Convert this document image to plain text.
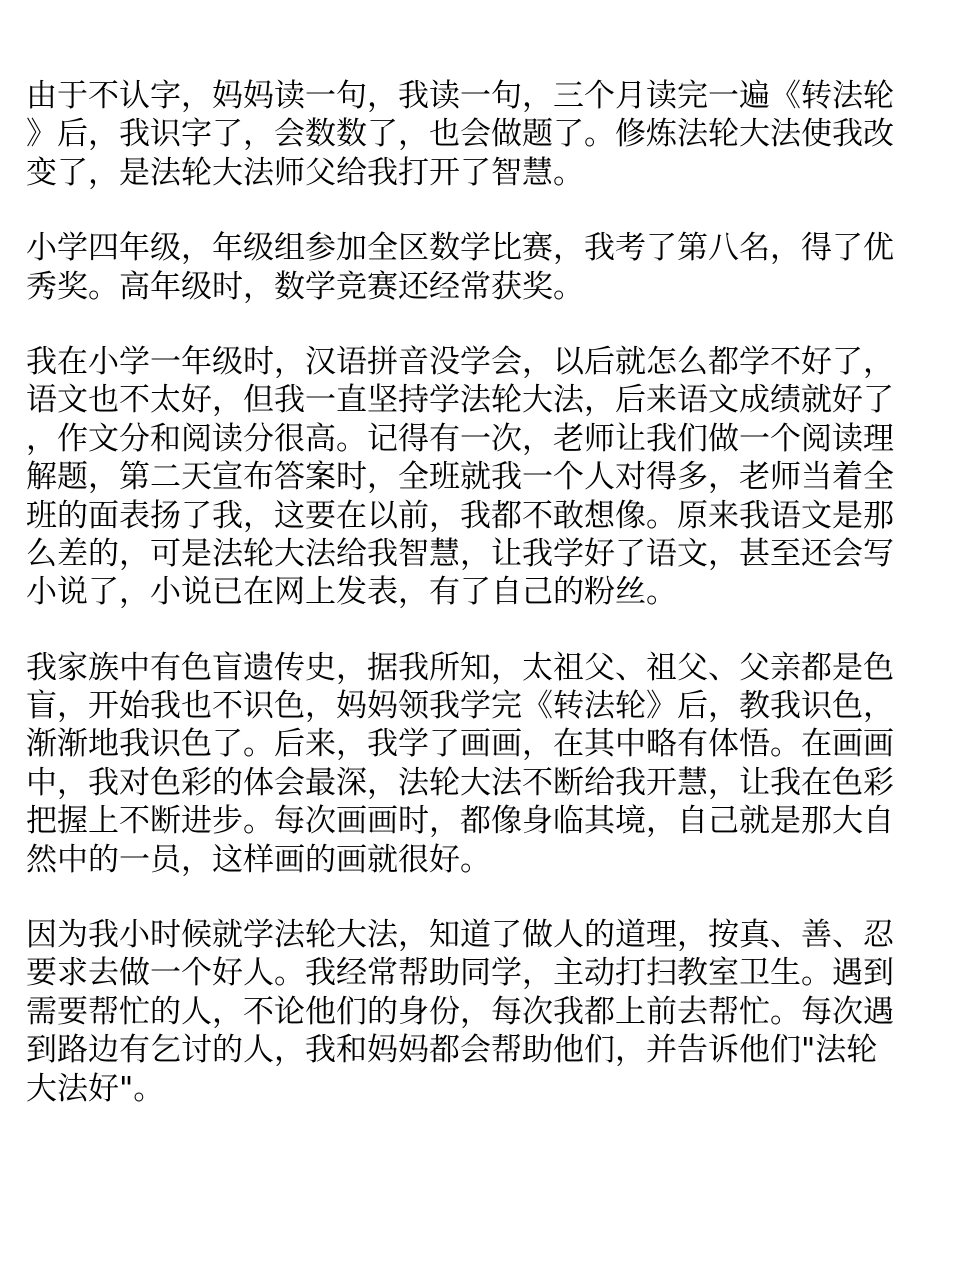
由于不认字，妈妈读一句，我读一句，三个月读完一遍《转法轮
》后，我识字了，会数数了，也会做题了。修炼法轮大法使我改
变了，是法轮大法师父给我打开了智慧。
小学四年级，年级组参加全区数学比赛，我考了第八名，得了优
秀奖。高年级时，数学竞赛还经常获奖。
我在小学一年级时，汉语拼音没学会，以后就怎么都学不好了，
语文也不太好，但我一直坚持学法轮大法，后来语文成绩就好了
，作文分和阅读分很高。记得有一次，老师让我们做一个阅读理
解题，第二天宣布答案时，全班就我一个人对得多，老师当着全
班的面表扬了我，这要在以前，我都不敢想像。原来我语文是那
么差的，可是法轮大法给我智慧，让我学好了语文，甚至还会写
小说了，小说已在网上发表，有了自己的粉丝。
我家族中有色盲遗传史，据我所知，太祖父、祖父、父亲都是色
盲，开始我也不识色，妈妈领我学完《转法轮》后，教我识色，
渐渐地我识色了。后来，我学了画画，在其中略有体悟。在画画
中，我对色彩的体会最深，法轮大法不断给我开慧，让我在色彩
把握上不断进步。每次画画时，都像身临其境，自己就是那大自
然中的一员，这样画的画就很好。
因为我小时候就学法轮大法，知道了做人的道理，按真、善、忍
要求去做一个好人。我经常帮助同学，主动打扫教室卫生。遇到
需要帮忙的人，不论他们的身份，每次我都上前去帮忙。每次遇
到路边有乞讨的人，我和妈妈都会帮助他们，并告诉他们"法轮
大法好"。
